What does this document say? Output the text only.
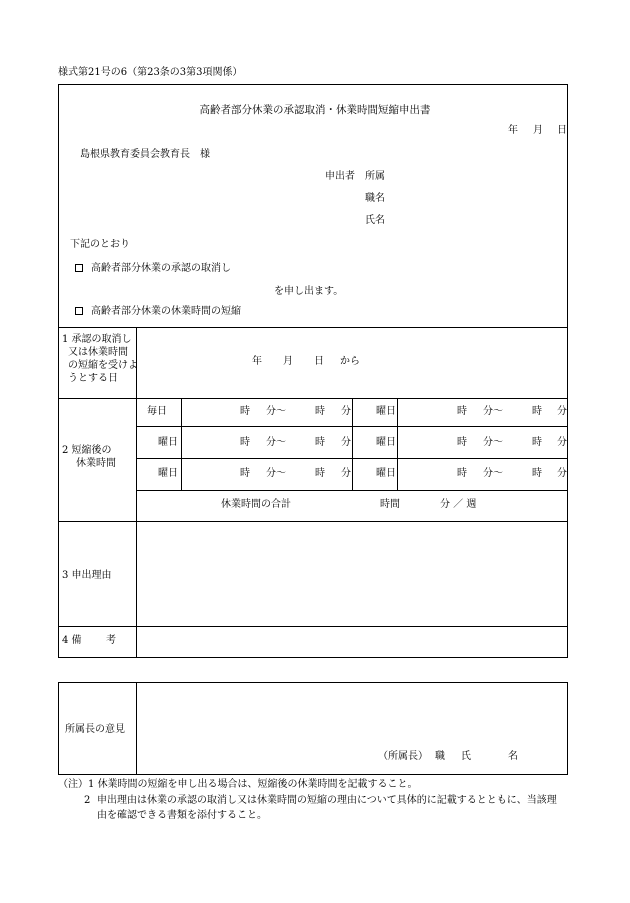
様式第21号の6（第23条の3第3項関係）
高齢者部分休業の承認取消・休業時間短縮申出書
年 月 日
島根県教育委員会教育長　様
申出者 所属
職名
氏名
下記のとおり
高齢者部分休業の承認の取消し
を申し出ます。
高齢者部分休業の休業時間の短縮
1 承認の取消し
又は休業時間
の短縮を受けよ
うとする日
年 月 日 から
2 短縮後の
休業時間
毎日	時 分～	時 分	曜日	時 分～	時 分
曜日	時 分～	時 分	曜日	時 分～	時 分
曜日	時 分～	時 分	曜日	時 分～	時 分
休業時間の合計	時間	分 ／ 週
3 申出理由
4 備 考
所属長の意見
（所属長） 職 氏	名
（注）1 休業時間の短縮を申し出る場合は、短縮後の休業時間を記載すること。
2 申出理由は休業の承認の取消し又は休業時間の短縮の理由について具体的に記載するとともに、当該理
由を確認できる書類を添付すること。
